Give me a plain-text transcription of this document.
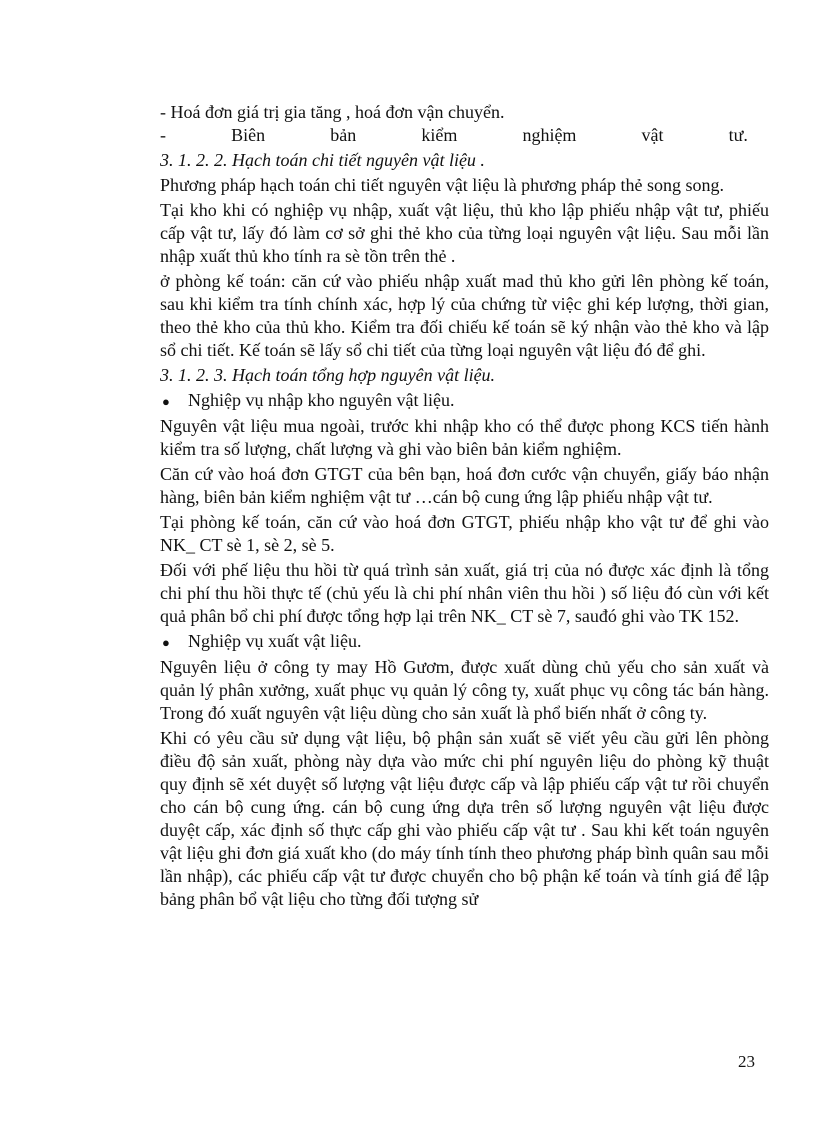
- Hoá đơn giá trị gia tăng , hoá đơn vận chuyển.

-	Biên	bản	kiểm	nghiệm	vật	tư.

3. 1. 2. 2. Hạch toán chi tiết nguyên vật liệu .

Phương pháp hạch toán chi tiết nguyên vật liệu là phương pháp thẻ song song.

Tại kho khi có nghiệp vụ nhập, xuất vật liệu, thủ kho lập phiếu nhập vật tư, phiếu cấp vật tư, lấy đó làm cơ sở ghi thẻ kho của từng loại nguyên vật liệu. Sau mỗi lần nhập xuất thủ kho tính ra sè tồn trên thẻ .

ở phòng kế toán: căn cứ vào phiếu nhập xuất mad thủ kho gửi lên phòng kế toán, sau khi kiểm tra tính chính xác, hợp lý của chứng từ việc ghi kép lượng, thời gian, theo thẻ kho của thủ kho. Kiểm tra đối chiếu kế toán sẽ ký nhận vào thẻ kho và lập sổ chi tiết. Kế toán sẽ lấy sổ chi tiết của từng loại nguyên vật liệu đó để ghi.

3. 1. 2. 3. Hạch toán tổng hợp nguyên vật liệu.

●	Nghiệp vụ nhập kho nguyên vật liệu.

Nguyên vật liệu mua ngoài, trước khi nhập kho có thể được phong KCS tiến hành kiểm tra số lượng, chất lượng và ghi vào biên bản kiểm nghiệm.

Căn cứ vào hoá đơn GTGT của bên bạn, hoá đơn cước vận chuyển, giấy báo nhận hàng, biên bản kiểm nghiệm vật tư …cán bộ cung ứng lập phiếu nhập vật tư.

Tại phòng kế toán, căn cứ vào hoá đơn GTGT, phiếu nhập kho vật tư để ghi vào NK_ CT sè 1, sè 2, sè 5.

Đối với phế liệu thu hồi từ quá trình sản xuất, giá trị của nó được xác định là tổng chi phí thu hồi thực tế (chủ yếu là chi phí nhân viên thu hồi ) số liệu đó cùn với kết quả phân bổ chi phí được tổng hợp lại trên NK_ CT sè 7, sauđó ghi vào TK 152.

●	Nghiệp vụ xuất vật liệu.

Nguyên liệu ở công ty may Hồ Gươm, được xuất dùng chủ yếu cho sản xuất và quản lý phân xưởng, xuất phục vụ quản lý công ty, xuất phục vụ công tác bán hàng. Trong đó xuất nguyên vật liệu dùng cho sản xuất là phổ biến nhất ở công ty.

Khi có yêu cầu sử dụng vật liệu, bộ phận sản xuất sẽ viết yêu cầu gửi lên phòng điều độ sản xuất, phòng này dựa vào mức chi phí nguyên liệu do phòng kỹ thuật quy định sẽ xét duyệt số lượng vật liệu được cấp và lập phiếu cấp vật tư rồi chuyển cho cán bộ cung ứng. cán bộ cung ứng dựa trên số lượng nguyên vật liệu được duyệt cấp, xác định số thực cấp ghi vào phiếu cấp vật tư . Sau khi kết toán nguyên vật liệu ghi đơn giá xuất kho (do máy tính tính theo phương pháp bình quân sau mỗi lần nhập), các phiếu cấp vật tư được chuyển cho bộ phận kế toán và tính giá để lập bảng phân bổ vật liệu cho từng đối tượng sử

23
